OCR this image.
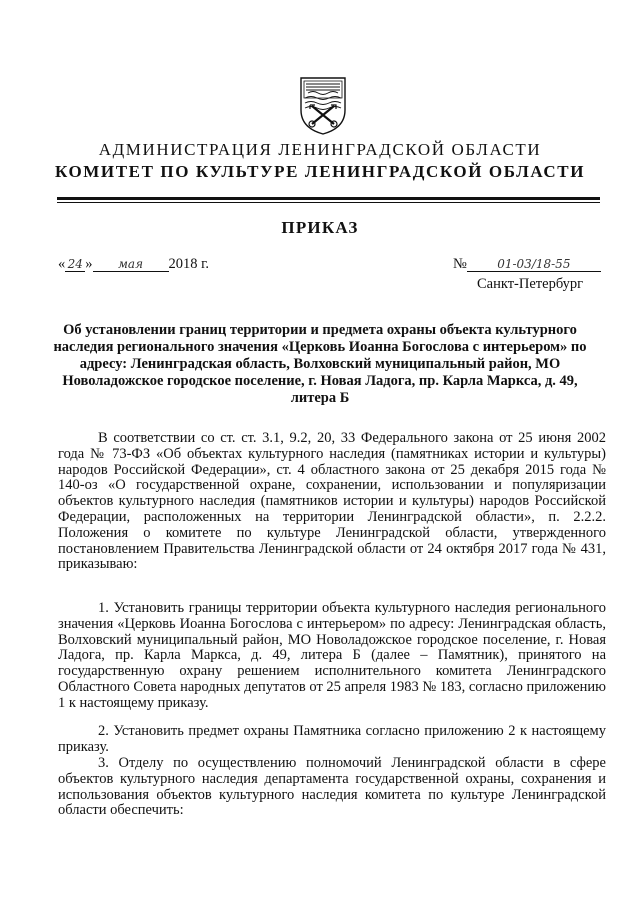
АДМИНИСТРАЦИЯ ЛЕНИНГРАДСКОЙ ОБЛАСТИ
КОМИТЕТ ПО КУЛЬТУРЕ ЛЕНИНГРАДСКОЙ ОБЛАСТИ
ПРИКАЗ
« 24 » мая 2018 г.	№	01-03/18-55
Санкт-Петербург
Об установлении границ территории и предмета охраны объекта культурного наследия регионального значения «Церковь Иоанна Богослова с интерьером» по адресу: Ленинградская область, Волховский муниципальный район, МО Новоладожское городское поселение, г. Новая Ладога, пр. Карла Маркса, д. 49, литера Б

В соответствии со ст. ст. 3.1, 9.2, 20, 33 Федерального закона от 25 июня 2002 года № 73-ФЗ «Об объектах культурного наследия (памятниках истории и культуры) народов Российской Федерации», ст. 4 областного закона от 25 декабря 2015 года № 140-оз «О государственной охране, сохранении, использовании и популяризации объектов культурного наследия (памятников истории и культуры) народов Российской Федерации, расположенных на территории Ленинградской области», п. 2.2.2. Положения о комитете по культуре Ленинградской области, утвержденного постановлением Правительства Ленинградской области от 24 октября 2017 года № 431, приказываю:

1. Установить границы территории объекта культурного наследия регионального значения «Церковь Иоанна Богослова с интерьером» по адресу: Ленинградская область, Волховский муниципальный район, МО Новоладожское городское поселение, г. Новая Ладога, пр. Карла Маркса, д. 49, литера Б (далее – Памятник), принятого на государственную охрану решением исполнительного комитета Ленинградского Областного Совета народных депутатов от 25 апреля 1983 № 183, согласно приложению 1 к настоящему приказу.

2. Установить предмет охраны Памятника согласно приложению 2 к настоящему приказу.

3. Отделу по осуществлению полномочий Ленинградской области в сфере объектов культурного наследия департамента государственной охраны, сохранения и использования объектов культурного наследия комитета по культуре Ленинградской области обеспечить:
